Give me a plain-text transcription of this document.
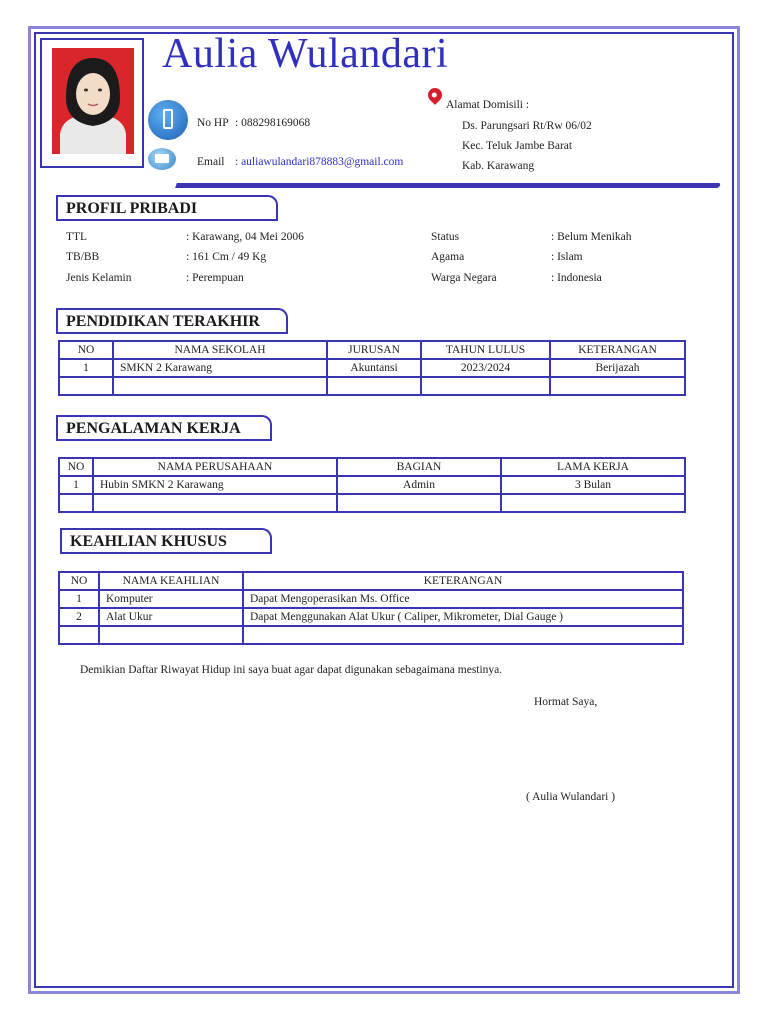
Aulia Wulandari
No HP : 088298169068
Email : auliawulandari878883@gmail.com
Alamat Domisili :
Ds. Parungsari Rt/Rw 06/02
Kec. Teluk Jambe Barat
Kab. Karawang
PROFIL PRIBADI
TTL	: Karawang, 04 Mei 2006
TB/BB	: 161 Cm / 49 Kg
Jenis Kelamin	: Perempuan
Status	: Belum Menikah
Agama	: Islam
Warga Negara	: Indonesia
PENDIDIKAN TERAKHIR
NO	NAMA SEKOLAH	JURUSAN	TAHUN LULUS	KETERANGAN
1	SMKN 2 Karawang	Akuntansi	2023/2024	Berijazah

PENGALAMAN KERJA
NO	NAMA PERUSAHAAN	BAGIAN	LAMA KERJA
1	Hubin SMKN 2 Karawang	Admin	3 Bulan

KEAHLIAN KHUSUS
NO	NAMA KEAHLIAN	KETERANGAN
1	Komputer	Dapat Mengoperasikan Ms. Office
2	Alat Ukur	Dapat Menggunakan Alat Ukur ( Caliper, Mikrometer, Dial Gauge )

Demikian Daftar Riwayat Hidup ini saya buat agar dapat digunakan sebagaimana mestinya.
Hormat Saya,
( Aulia Wulandari )
